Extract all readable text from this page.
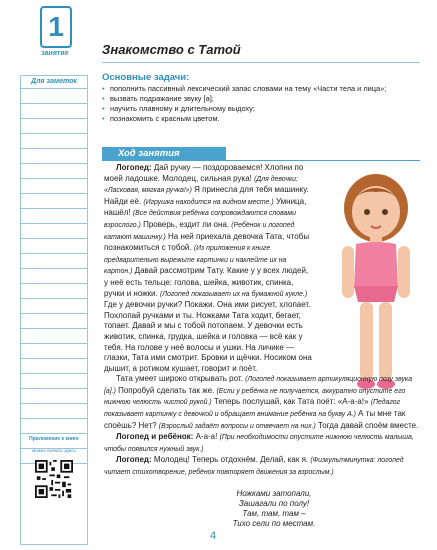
1
занятие	Знакомство с Татой
Для заметок
Приложение к книге
можно скачать здесь
Основные задачи:
• пополнить пассивный лексический запас словами на тему «Части тела и лица»;
• вызвать подражание звуку [а];
• научить плавному и длительному выдоху;
• познакомить с красным цветом.
Ход занятия

Логопед: Дай ручку — поздороваемся! Хлопни по моей ладошке. Молодец, сильная рука! (Для девочки: «Ласковая, мягкая ручка!») Я принесла для тебя машинку. Найди её. (Игрушка находится на видном месте.) Умница, нашёл! (Все действия ребёнка сопровождаются словами взрослого.) Проверь, ездит ли она. (Ребёнок и логопед катают машинку.) На ней приехала девочка Тата, чтобы познакомиться с тобой. (Из приложения к книге предварительно вырежьте картинки и наклейте их на картон.) Давай рассмотрим Тату. Какие у у всех людей, у неё есть тельце: голова, шейка, животик, спинка, ручки и ножки. (Логопед показывает их на бумажной кукле.) Где у девочки ручки? Покажи. Она ими рисует, хлопает. Похлопай ручками и ты. Ножками Тата ходит, бегает, топает. Давай и мы с тобой потопаем. У девочки есть животик, спинка, грудка, шейка и головка — всё как у тебя. На голове у неё волосы и ушки. На личике — глазки, Тата ими смотрит. Бровки и щёчки. Носиком она дышит, а ротиком кушает, говорит и поёт.

Тата умеет широко открывать рот. (Логопед показывает артикуляционную позу звука [а].) Попробуй сделать так же. (Если у ребёнка не получается, аккуратно опустите его нижнюю челюсть чистой рукой.) Теперь послушай, как Тата поёт: «А-а-а!» (Педагог показывает картинку с девочкой и обращает внимание ребёнка на букву А.) А ты мне так споёшь? Нет? (Взрослый задаёт вопросы и отвечает на них.) Тогда давай споём вместе.

Логопед и ребёнок: А-а-а! (При необходимости опустите нижнюю челюсть малыша, чтобы появился нужный звук.)

Логопед: Молодец! Теперь отдохнём. Делай, как я. (Физкультминутка: логопед читает стихотворение, ребёнок повторяет движения за взрослым.)

Ножками затопали,
Зашагали по полу!
Там, там, там –
Тихо сели по местам.
4
